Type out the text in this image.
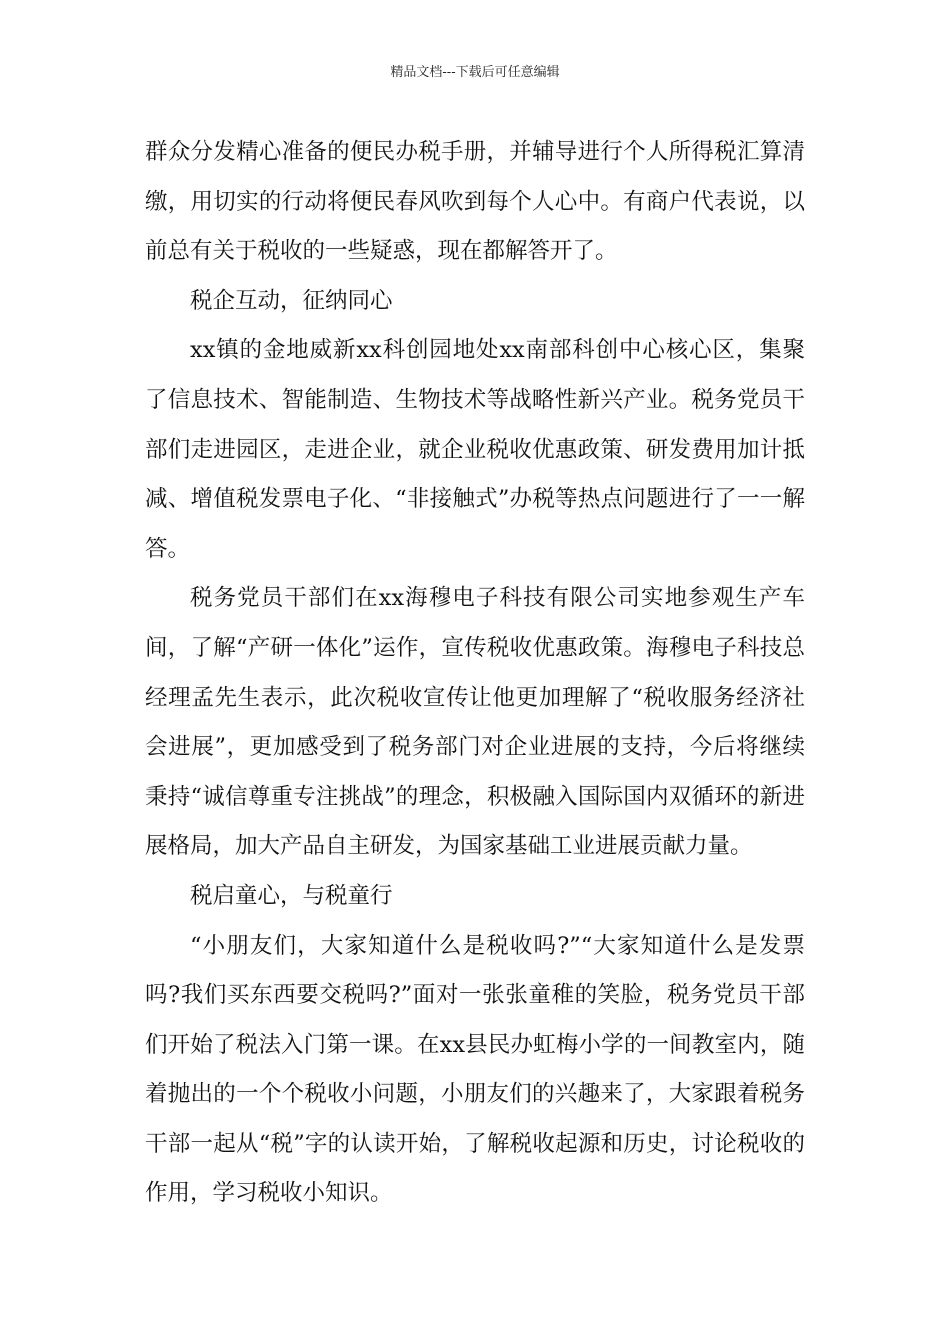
精品文档---下载后可任意编辑

群众分发精心准备的便民办税手册，并辅导进行个人所得税汇算清缴，用切实的行动将便民春风吹到每个人心中。有商户代表说，以前总有关于税收的一些疑惑，现在都解答开了。

税企互动，征纳同心

xx镇的金地威新xx科创园地处xx南部科创中心核心区，集聚了信息技术、智能制造、生物技术等战略性新兴产业。税务党员干部们走进园区，走进企业，就企业税收优惠政策、研发费用加计抵减、增值税发票电子化、“非接触式”办税等热点问题进行了一一解答。

税务党员干部们在xx海穆电子科技有限公司实地参观生产车间，了解“产研一体化”运作，宣传税收优惠政策。海穆电子科技总经理孟先生表示，此次税收宣传让他更加理解了“税收服务经济社会进展”，更加感受到了税务部门对企业进展的支持，今后将继续秉持“诚信尊重专注挑战”的理念，积极融入国际国内双循环的新进展格局，加大产品自主研发，为国家基础工业进展贡献力量。

税启童心，与税童行

“小朋友们，大家知道什么是税收吗?”“大家知道什么是发票吗?我们买东西要交税吗?”面对一张张童稚的笑脸，税务党员干部们开始了税法入门第一课。在xx县民办虹梅小学的一间教室内，随着抛出的一个个税收小问题，小朋友们的兴趣来了，大家跟着税务干部一起从“税”字的认读开始，了解税收起源和历史，讨论税收的作用，学习税收小知识。
